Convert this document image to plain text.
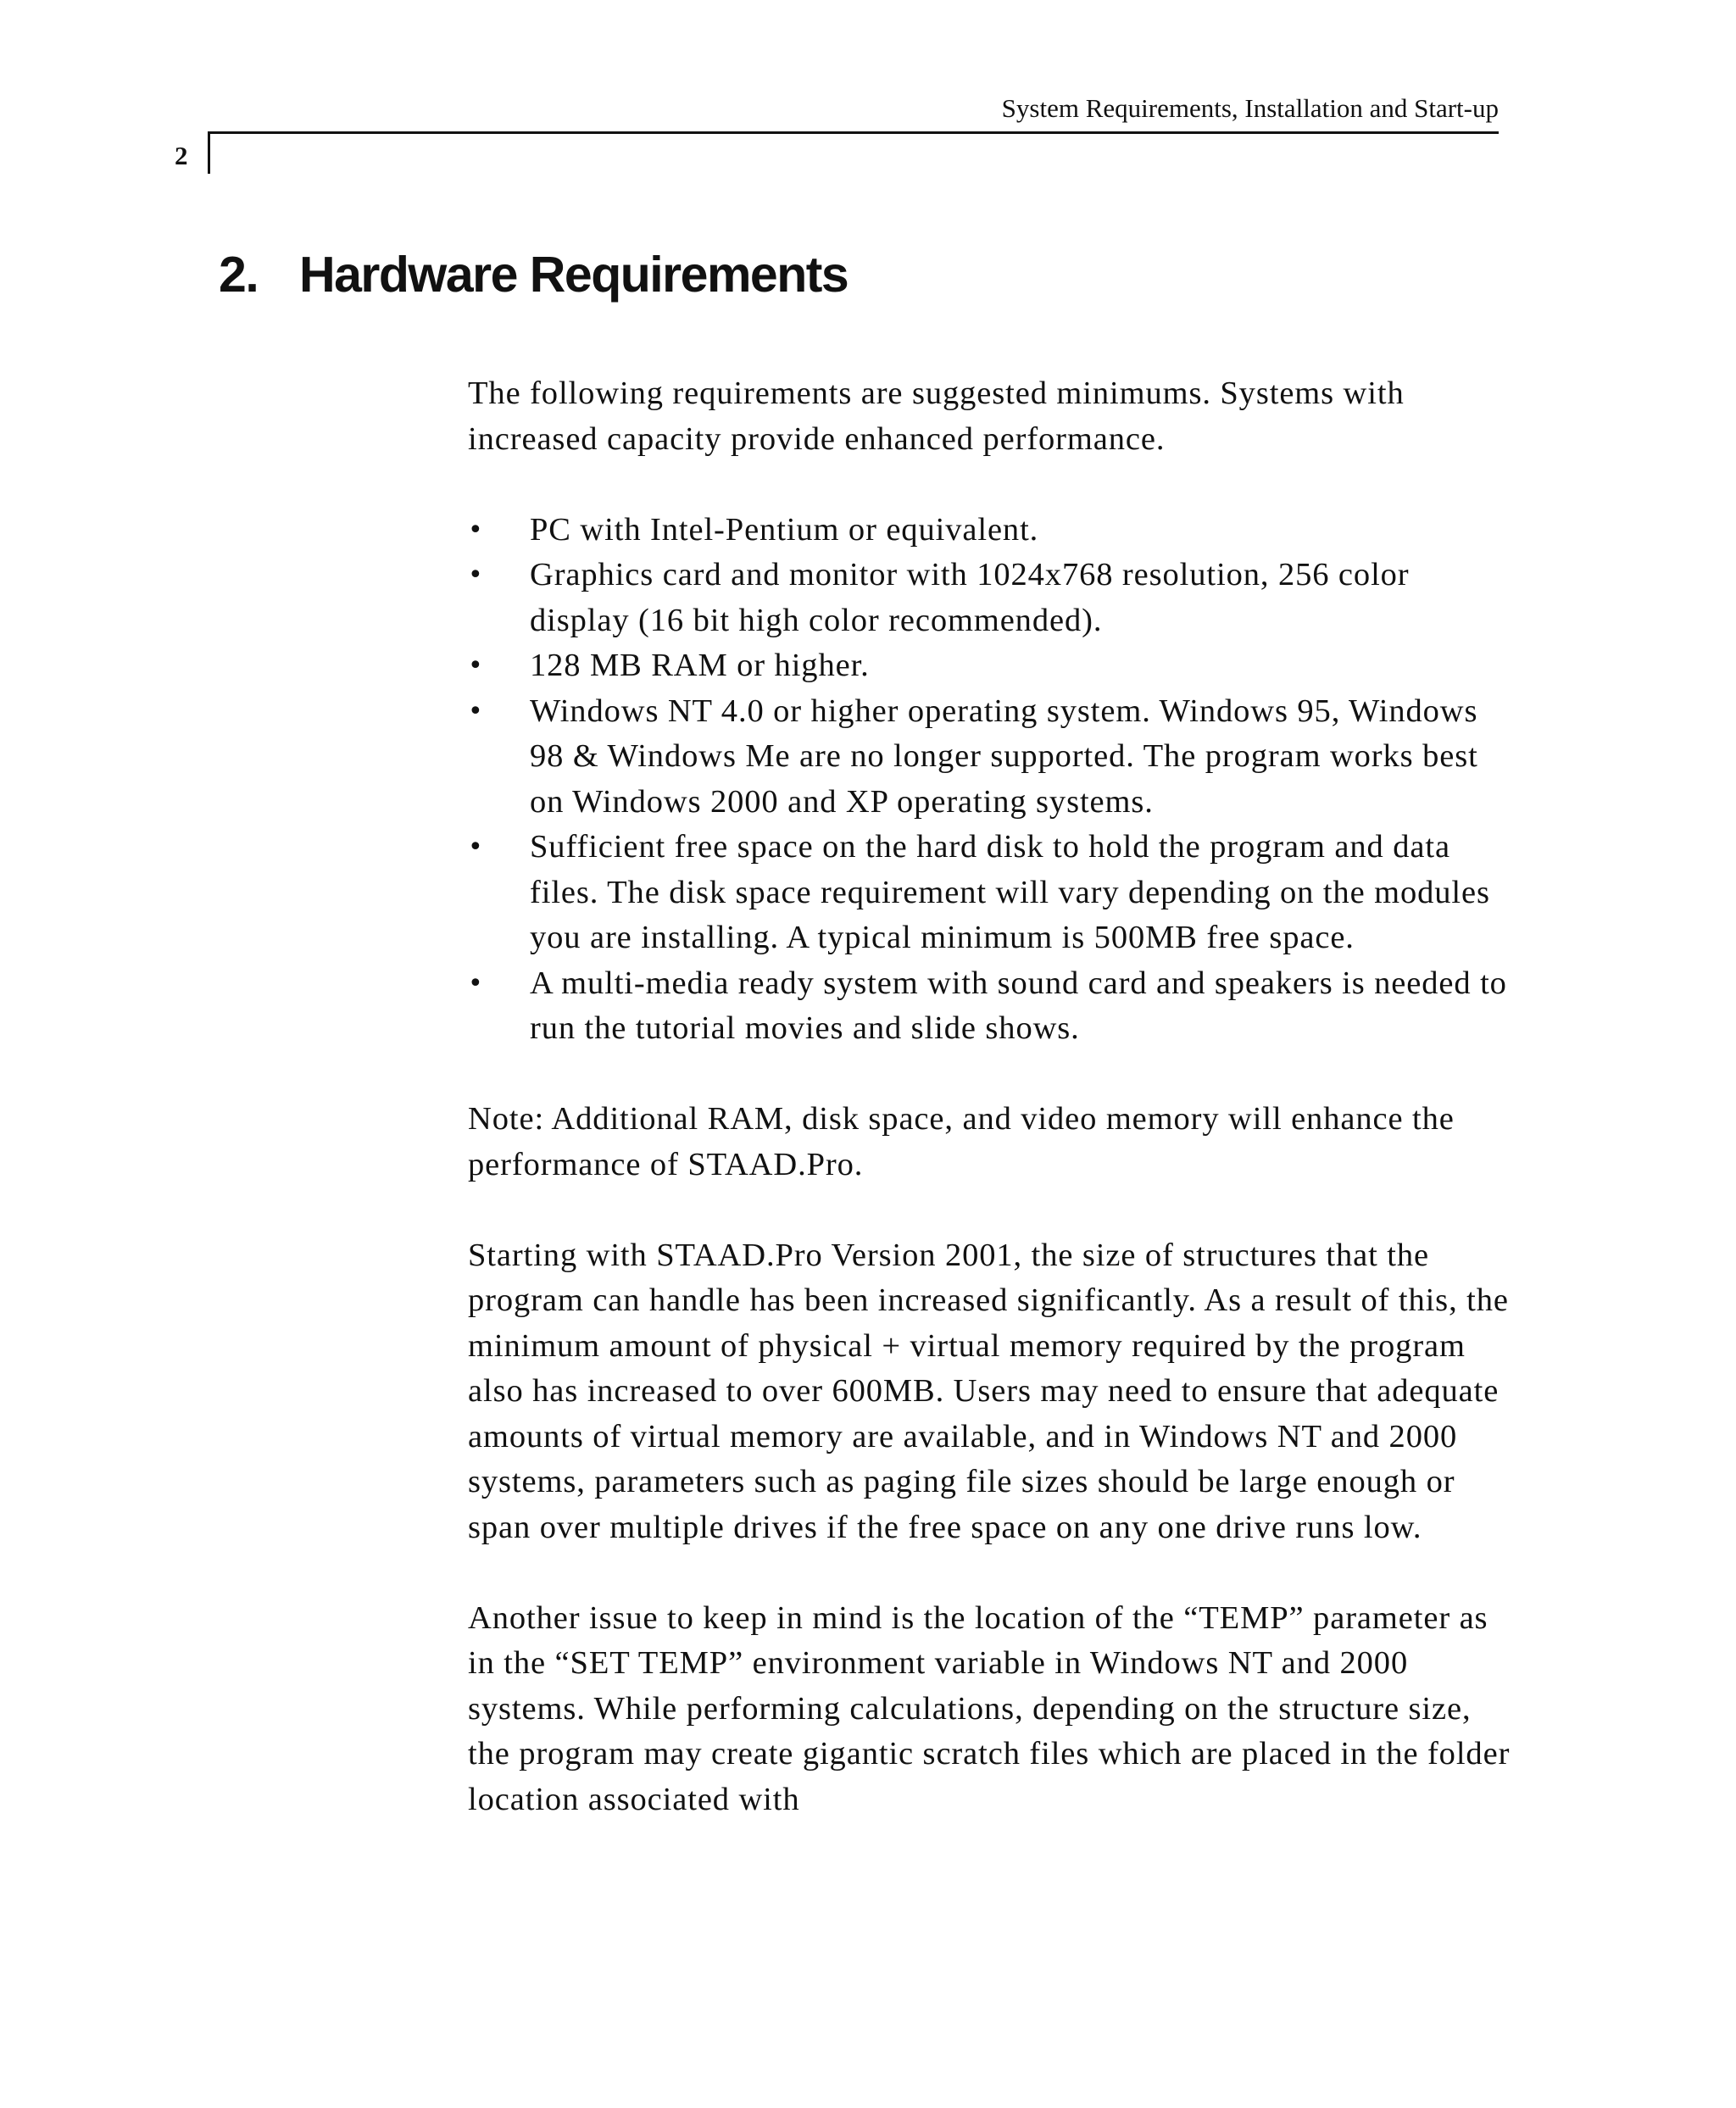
System Requirements, Installation and Start-up
2
2. Hardware Requirements

The following requirements are suggested minimums. Systems with increased capacity provide enhanced performance.

• PC with Intel-Pentium or equivalent.
• Graphics card and monitor with 1024x768 resolution, 256 color display (16 bit high color recommended).
• 128 MB RAM or higher.
• Windows NT 4.0 or higher operating system. Windows 95, Windows 98 & Windows Me are no longer supported. The program works best on Windows 2000 and XP operating systems.
• Sufficient free space on the hard disk to hold the program and data files. The disk space requirement will vary depending on the modules you are installing. A typical minimum is 500MB free space.
• A multi-media ready system with sound card and speakers is needed to run the tutorial movies and slide shows.

Note: Additional RAM, disk space, and video memory will enhance the performance of STAAD.Pro.

Starting with STAAD.Pro Version 2001, the size of structures that the program can handle has been increased significantly. As a result of this, the minimum amount of physical + virtual memory required by the program also has increased to over 600MB. Users may need to ensure that adequate amounts of virtual memory are available, and in Windows NT and 2000 systems, parameters such as paging file sizes should be large enough or span over multiple drives if the free space on any one drive runs low.

Another issue to keep in mind is the location of the “TEMP” parameter as in the “SET TEMP” environment variable in Windows NT and 2000 systems. While performing calculations, depending on the structure size, the program may create gigantic scratch files which are placed in the folder location associated with
